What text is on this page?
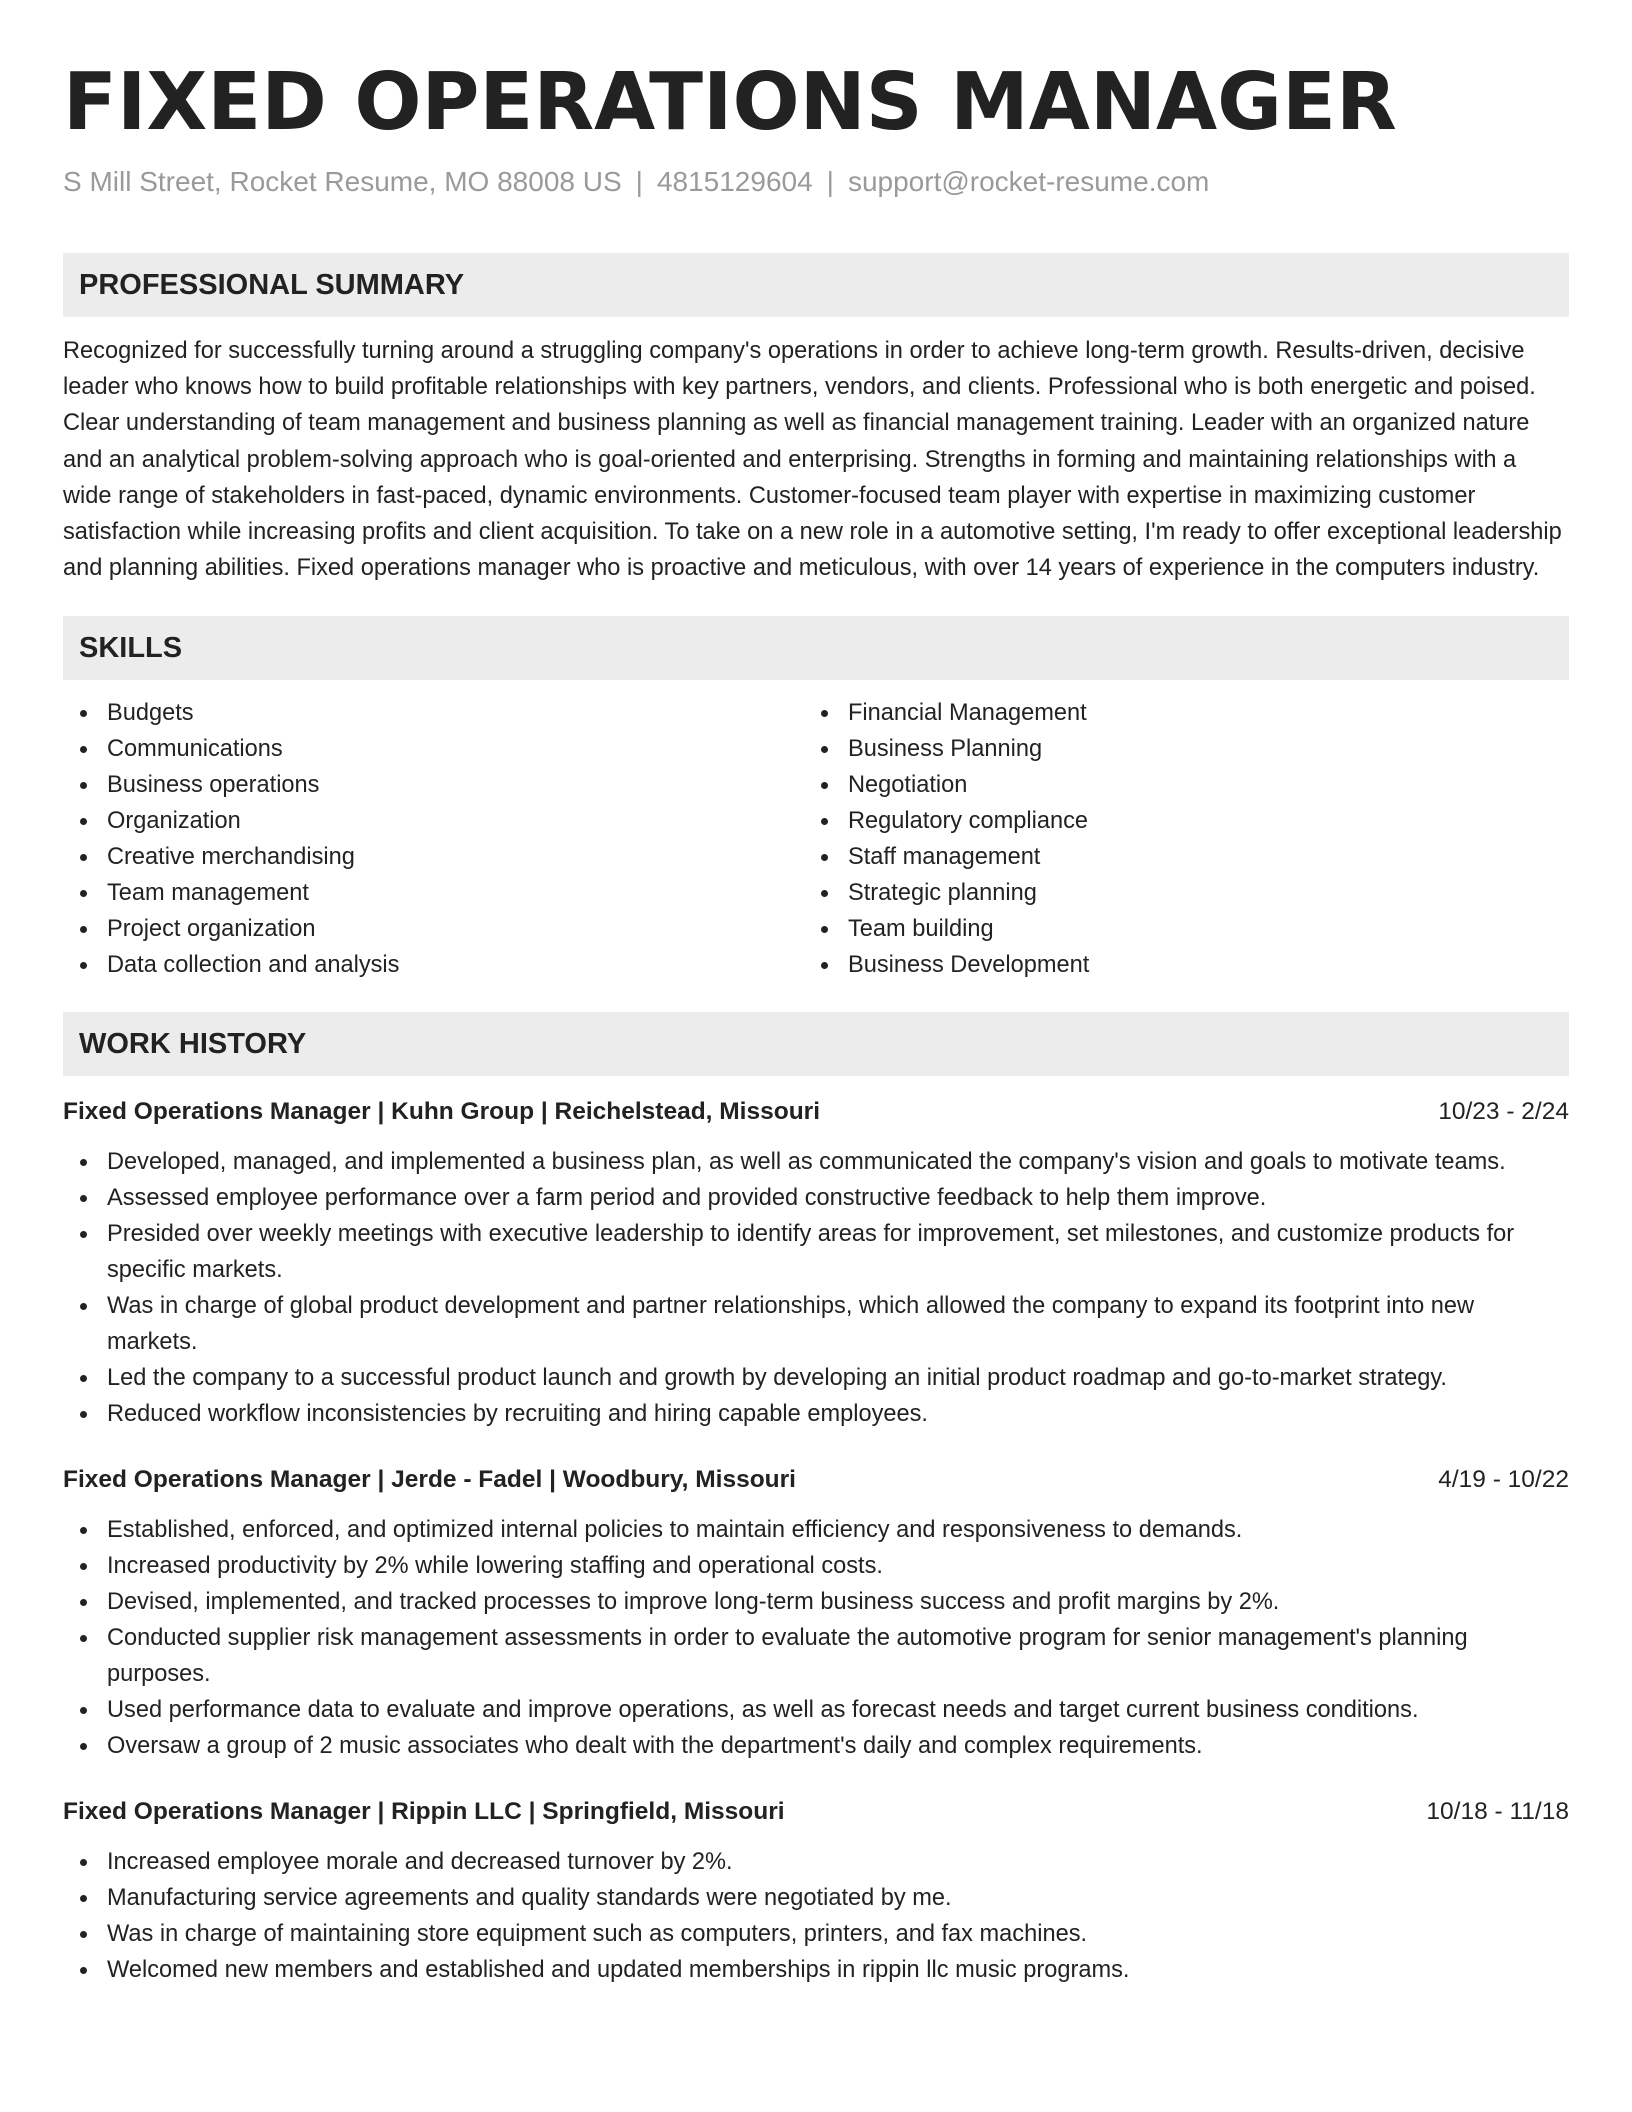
FIXED OPERATIONS MANAGER
S Mill Street, Rocket Resume, MO 88008 US | 4815129604 | support@rocket-resume.com
PROFESSIONAL SUMMARY
Recognized for successfully turning around a struggling company's operations in order to achieve long-term growth. Results-driven, decisive leader who knows how to build profitable relationships with key partners, vendors, and clients. Professional who is both energetic and poised. Clear understanding of team management and business planning as well as financial management training. Leader with an organized nature and an analytical problem-solving approach who is goal-oriented and enterprising. Strengths in forming and maintaining relationships with a wide range of stakeholders in fast-paced, dynamic environments. Customer-focused team player with expertise in maximizing customer satisfaction while increasing profits and client acquisition. To take on a new role in a automotive setting, I'm ready to offer exceptional leadership and planning abilities. Fixed operations manager who is proactive and meticulous, with over 14 years of experience in the computers industry.
SKILLS
Budgets
Communications
Business operations
Organization
Creative merchandising
Team management
Project organization
Data collection and analysis
Financial Management
Business Planning
Negotiation
Regulatory compliance
Staff management
Strategic planning
Team building
Business Development
WORK HISTORY
Fixed Operations Manager | Kuhn Group | Reichelstead, Missouri	10/23 - 2/24
Developed, managed, and implemented a business plan, as well as communicated the company's vision and goals to motivate teams.
Assessed employee performance over a farm period and provided constructive feedback to help them improve.
Presided over weekly meetings with executive leadership to identify areas for improvement, set milestones, and customize products for specific markets.
Was in charge of global product development and partner relationships, which allowed the company to expand its footprint into new markets.
Led the company to a successful product launch and growth by developing an initial product roadmap and go-to-market strategy.
Reduced workflow inconsistencies by recruiting and hiring capable employees.
Fixed Operations Manager | Jerde - Fadel | Woodbury, Missouri	4/19 - 10/22
Established, enforced, and optimized internal policies to maintain efficiency and responsiveness to demands.
Increased productivity by 2% while lowering staffing and operational costs.
Devised, implemented, and tracked processes to improve long-term business success and profit margins by 2%.
Conducted supplier risk management assessments in order to evaluate the automotive program for senior management's planning purposes.
Used performance data to evaluate and improve operations, as well as forecast needs and target current business conditions.
Oversaw a group of 2 music associates who dealt with the department's daily and complex requirements.
Fixed Operations Manager | Rippin LLC | Springfield, Missouri	10/18 - 11/18
Increased employee morale and decreased turnover by 2%.
Manufacturing service agreements and quality standards were negotiated by me.
Was in charge of maintaining store equipment such as computers, printers, and fax machines.
Welcomed new members and established and updated memberships in rippin llc music programs.
